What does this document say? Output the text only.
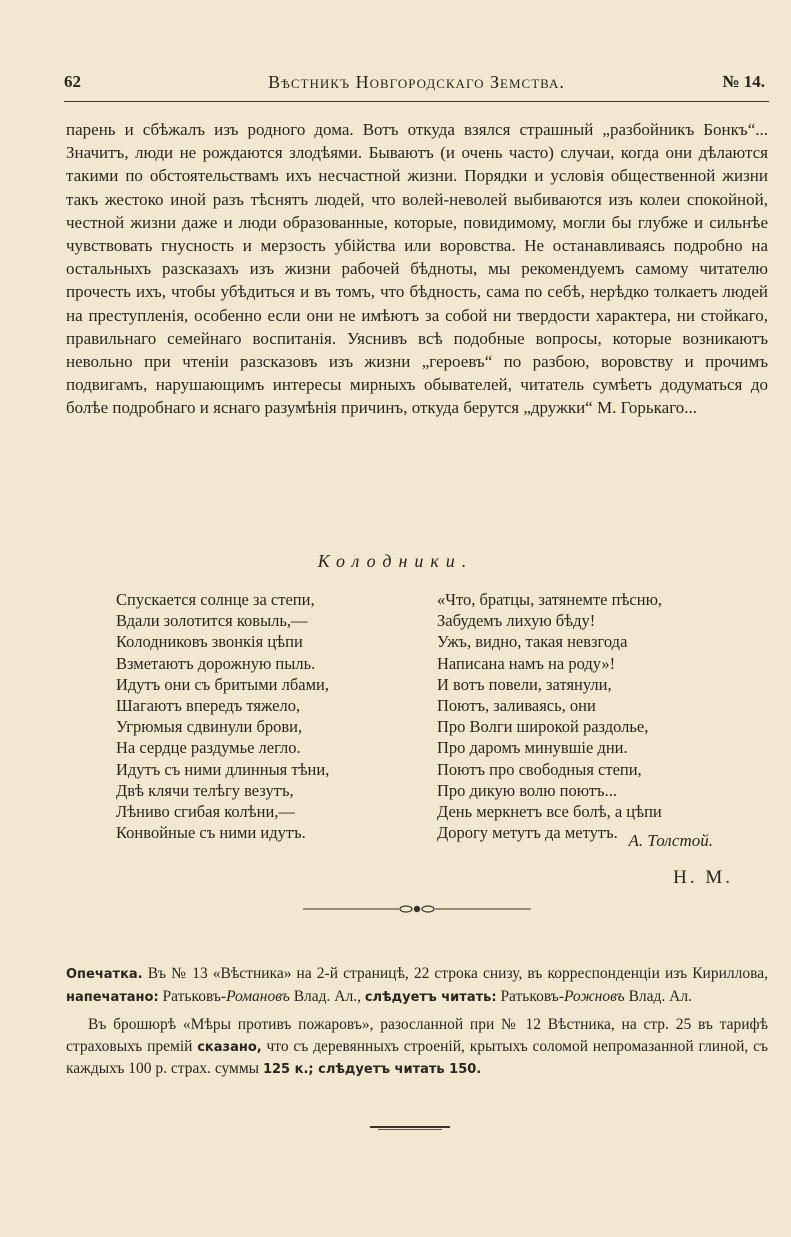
62	Вѣстникъ Новгородскаго Земства.	№ 14.

парень и сбѣжалъ изъ родного дома. Вотъ откуда взялся страшный „разбойникъ Бонкъ“... Значитъ, люди не рождаются злодѣями. Бываютъ (и очень часто) случаи, когда они дѣлаются такими по обстоятельствамъ ихъ несчастной жизни. Порядки и условія общественной жизни такъ жестоко иной разъ тѣснятъ людей, что волей-неволей выбиваются изъ колеи спокойной, честной жизни даже и люди образованные, которые, повидимому, могли бы глубже и сильнѣе чувствовать гнусность и мерзость убійства или воровства. Не останавливаясь подробно на остальныхъ разсказахъ изъ жизни рабочей бѣдноты, мы рекомендуемъ самому читателю прочесть ихъ, чтобы убѣдиться и въ томъ, что бѣдность, сама по себѣ, нерѣдко толкаетъ людей на преступленія, особенно если они не имѣютъ за собой ни твердости характера, ни стойкаго, правильнаго семейнаго воспитанія. Уяснивъ всѣ подобные вопросы, которые возникаютъ невольно при чтеніи разсказовъ изъ жизни „героевъ“ по разбою, воровству и прочимъ подвигамъ, нарушающимъ интересы мирныхъ обывателей, читатель сумѣетъ додуматься до болѣе подробнаго и яснаго разумѣнія причинъ, откуда берутся „дружки“ М. Горькаго...

Колодники.
Спускается солнце за степи,
Вдали золотится ковыль,—
Колодниковъ звонкія цѣпи
Взметаютъ дорожную пыль.
Идутъ они съ бритыми лбами,
Шагаютъ впередъ тяжело,
Угрюмыя сдвинули брови,
На сердце раздумье легло.
Идутъ съ ними длинныя тѣни,
Двѣ клячи телѣгу везутъ,
Лѣниво сгибая колѣни,—
Конвойные съ ними идутъ.
«Что, братцы, затянемте пѣсню,
Забудемъ лихую бѣду!
Ужъ, видно, такая невзгода
Написана намъ на роду»!
И вотъ повели, затянули,
Поютъ, заливаясь, они
Про Волги широкой раздолье,
Про даромъ минувшіе дни.
Поютъ про свободныя степи,
Про дикую волю поютъ...
День меркнетъ все болѣ, а цѣпи
Дорогу метутъ да метутъ. А. Толстой.
Н. М.

Опечатка. Въ № 13 «Вѣстника» на 2-й страницѣ, 22 строка снизу, въ корреспонденціи изъ Кириллова, напечатано: Ратьковъ-Романовъ Влад. Ал., слѣдуетъ читать: Ратьковъ-Рожновъ Влад. Ал.

Въ брошюрѣ «Мѣры противъ пожаровъ», разосланной при № 12 Вѣстника, на стр. 25 въ тарифѣ страховыхъ премій сказано, что съ деревянныхъ строеній, крытыхъ соломой непромазанной глиной, съ каждыхъ 100 р. страх. суммы 125 к.; слѣдуетъ читать 150.
